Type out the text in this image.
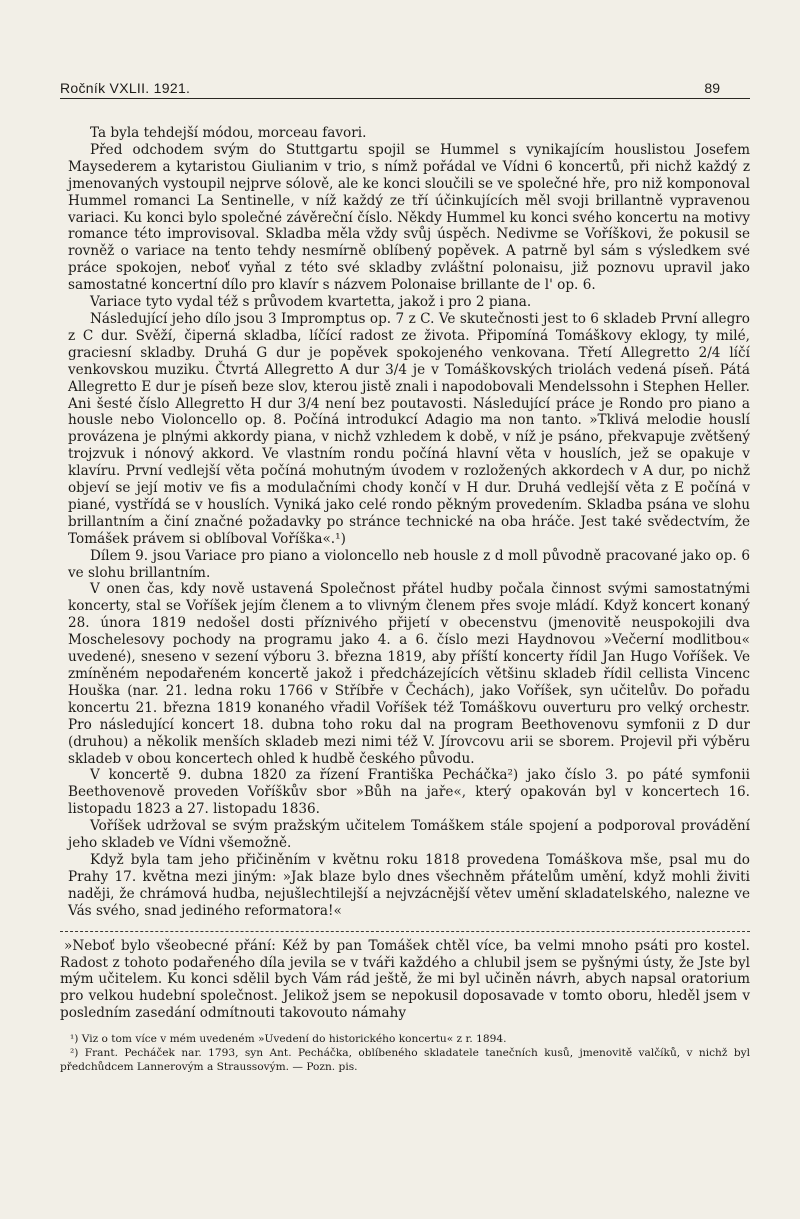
Ročník VXLII. 1921.	89

Ta byla tehdejší módou, morceau favori.

Před odchodem svým do Stuttgartu spojil se Hummel s vynikajícím houslistou Josefem Maysederem a kytaristou Giulianim v trio, s nímž pořádal ve Vídni 6 koncertů, při nichž každý z jmenovaných vystoupil nejprve sólově, ale ke konci sloučili se ve společné hře, pro niž komponoval Hummel romanci La Sentinelle, v níž každý ze tří účinkujících měl svoji brillantně vypravenou variaci. Ku konci bylo společné závěreční číslo. Někdy Hummel ku konci svého koncertu na motivy romance této improvisoval. Skladba měla vždy svůj úspěch. Nedivme se Voříškovi, že pokusil se rovněž o variace na tento tehdy nesmírně oblíbený popěvek. A patrně byl sám s výsledkem své práce spokojen, neboť vyňal z této své skladby zvláštní polonaisu, již poznovu upravil jako samostatné koncertní dílo pro klavír s názvem Polonaise brillante de l' op. 6.

Variace tyto vydal též s průvodem kvartetta, jakož i pro 2 piana.

Následující jeho dílo jsou 3 Impromptus op. 7 z C. Ve skutečnosti jest to 6 skladeb První allegro z C dur. Svěží, čiperná skladba, líčící radost ze života. Připomíná Tomáškovy eklogy, ty milé, graciesní skladby. Druhá G dur je popěvek spokojeného venkovana. Třetí Allegretto 2/4 líčí venkovskou muziku. Čtvrtá Allegretto A dur 3/4 je v Tomáškovských triolách vedená píseň. Pátá Allegretto E dur je píseň beze slov, kterou jistě znali i napodobovali Mendelssohn i Stephen Heller. Ani šesté číslo Allegretto H dur 3/4 není bez poutavosti. Následující práce je Rondo pro piano a housle nebo Violoncello op. 8. Počíná introdukcí Adagio ma non tanto. »Tklivá melodie houslí provázena je plnými akkordy piana, v nichž vzhledem k době, v níž je psáno, překvapuje zvětšený trojzvuk i nónový akkord. Ve vlastním rondu počíná hlavní věta v houslích, jež se opakuje v klavíru. První vedlejší věta počíná mohutným úvodem v rozložených akkordech v A dur, po nichž objeví se její motiv ve fis a modulačními chody končí v H dur. Druhá vedlejší věta z E počíná v piané, vystřídá se v houslích. Vyniká jako celé rondo pěkným provedením. Skladba psána ve slohu brillantním a činí značné požadavky po stránce technické na oba hráče. Jest také svědectvím, že Tomášek právem si oblíboval Voříška«.¹)

Dílem 9. jsou Variace pro piano a violoncello neb housle z d moll původně pracované jako op. 6 ve slohu brillantním.

V onen čas, kdy nově ustavená Společnost přátel hudby počala činnost svými samostatnými koncerty, stal se Voříšek jejím členem a to vlivným členem přes svoje mládí. Když koncert konaný 28. února 1819 nedošel dosti příznivého přijetí v obecenstvu (jmenovitě neuspokojili dva Moschelesovy pochody na programu jako 4. a 6. číslo mezi Haydnovou »Večerní modlitbou« uvedené), sneseno v sezení výboru 3. března 1819, aby příští koncerty řídil Jan Hugo Voříšek. Ve zmíněném nepodařeném koncertě jakož i předcházejících většinu skladeb řídil cellista Vincenc Houška (nar. 21. ledna roku 1766 v Stříbře v Čechách), jako Voříšek, syn učitelův. Do pořadu koncertu 21. března 1819 konaného vřadil Voříšek též Tomáškovu ouverturu pro velký orchestr. Pro následující koncert 18. dubna toho roku dal na program Beethovenovu symfonii z D dur (druhou) a několik menších skladeb mezi nimi též V. Jírovcovu arii se sborem. Projevil při výběru skladeb v obou koncertech ohled k hudbě českého původu.

V koncertě 9. dubna 1820 za řízení Františka Pecháčka²) jako číslo 3. po páté symfonii Beethovenově proveden Voříškův sbor »Bůh na jaře«, který opakován byl v koncertech 16. listopadu 1823 a 27. listopadu 1836.

Voříšek udržoval se svým pražským učitelem Tomáškem stále spojení a podporoval provádění jeho skladeb ve Vídni všemožně.

Když byla tam jeho přičiněním v květnu roku 1818 provedena Tomáškova mše, psal mu do Prahy 17. května mezi jiným: »Jak blaze bylo dnes všechněm přátelům umění, když mohli živiti naději, že chrámová hudba, nejušlechtilejší a nejvzácnější větev umění skladatelského, nalezne ve Vás svého, snad jediného reformatora!«

»Neboť bylo všeobecné přání: Kéž by pan Tomášek chtěl více, ba velmi mnoho psáti pro kostel. Radost z tohoto podařeného díla jevila se v tváři každého a chlubil jsem se pyšnými ústy, že Jste byl mým učitelem. Ku konci sdělil bych Vám rád ještě, že mi byl učiněn návrh, abych napsal oratorium pro velkou hudební společnost. Jelikož jsem se nepokusil doposavade v tomto oboru, hleděl jsem v posledním zasedání odmítnouti takovouto námahy

¹) Viz o tom více v mém uvedeném »Uvedení do historického koncertu« z r. 1894.

²) Frant. Pecháček nar. 1793, syn Ant. Pecháčka, oblíbeného skladatele tanečních kusů, jmenovitě valčíků, v nichž byl předchůdcem Lannerovým a Straussovým. — Pozn. pis.
